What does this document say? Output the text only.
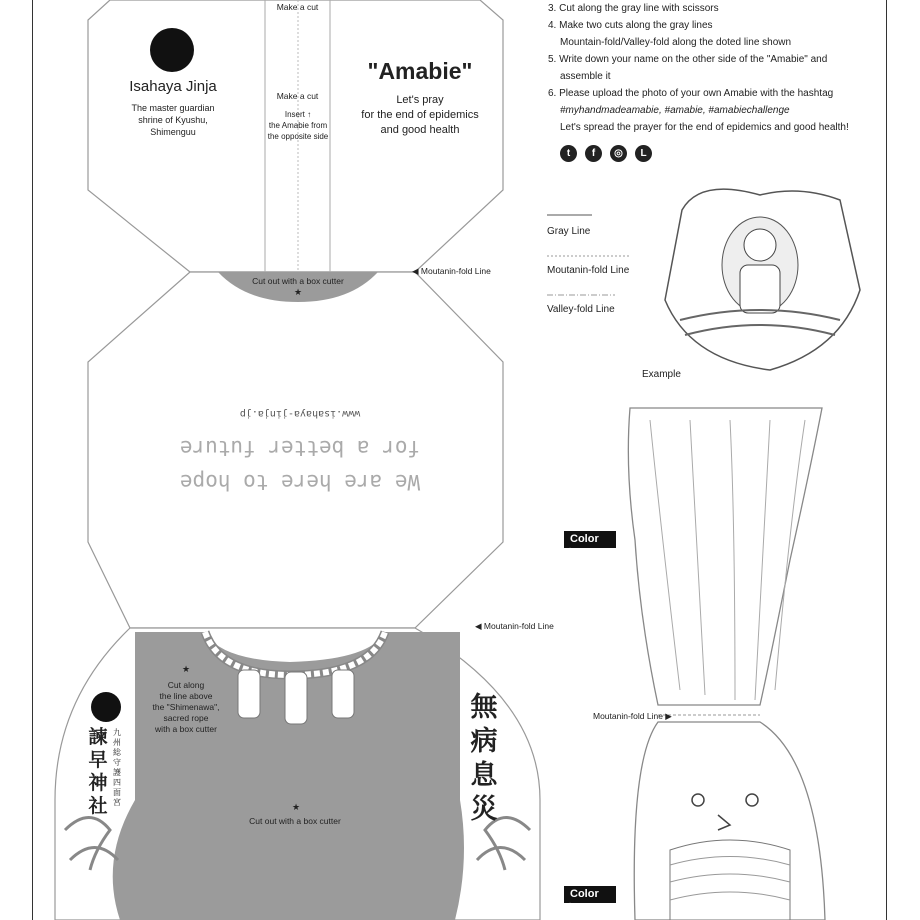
Isahaya Jinja
The master guardian
shrine of Kyushu,
Shimenguu
Make a cut
Make a cut
Insert ↑
the Amabie from
the opposite side
"Amabie"
Let's pray
for the end of epidemics
and good health
Cut out with a box cutter
★
◀ Moutanin-fold Line
◀ Moutanin-fold Line
Moutanin-fold Line ▶
www.isahaya-jinja.jp
for a better future
We are here to hope
★
Cut along
the line above
the "Shimenawa",
sacred rope
with a box cutter
★
Cut out with a box cutter
無
病
息
災
諫
早
神
社
九
州
総
守
護
四
面
宮
3. Cut along the gray line with scissors
4. Make two cuts along the gray lines
Mountain-fold/Valley-fold along the doted line shown
5. Write down your name on the other side of the "Amabie" and
assemble it
6. Please upload the photo of your own Amabie with the hashtag
#myhandmadeamabie, #amabie, #amabiechallenge
Let's spread the prayer for the end of epidemics and good health!
t f ◎ L
Gray Line
Moutanin-fold Line
Valley-fold Line
Example
Color ▶
Color ▶
